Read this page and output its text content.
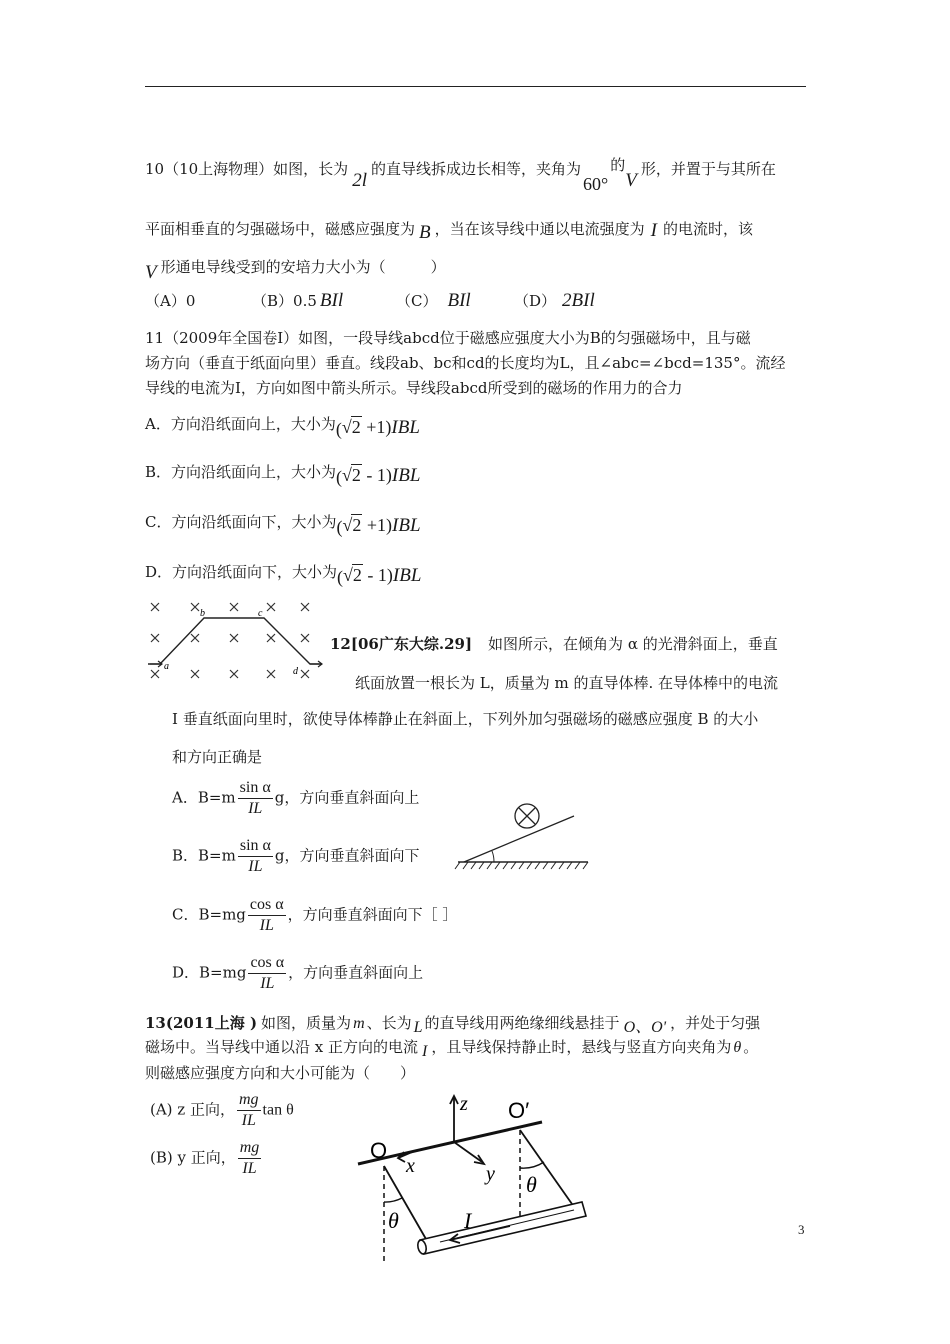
10（10上海物理）如图，长为2l的直导线拆成边长相等，夹角为60°的V形，并置于与其所在
平面相垂直的匀强磁场中，磁感应强度为 B ，当在该导线中通以电流强度为 I 的电流时，该
V 形通电导线受到的安培力大小为（　　　）
（A）0	（B）0.5 BIl	（C） BIl	（D） 2BIl
11（2009年全国卷Ⅰ）如图，一段导线abcd位于磁感应强度大小为B的匀强磁场中，且与磁
场方向（垂直于纸面向里）垂直。线段ab、bc和cd的长度均为L，且∠abc=∠bcd=135°。流经
导线的电流为I，方向如图中箭头所示。导线段abcd所受到的磁场的作用力的合力
A．方向沿纸面向上，大小为(√2 +1)IBL
B．方向沿纸面向上，大小为(√2 - 1)IBL
C．方向沿纸面向下，大小为(√2 +1)IBL
D．方向沿纸面向下，大小为(√2 - 1)IBL
a
b	c
d
12[06广东大综.29] 如图所示，在倾角为 α 的光滑斜面上，垂直
纸面放置一根长为 L，质量为 m 的直导体棒. 在导体棒中的电流
I 垂直纸面向里时，欲使导体棒静止在斜面上，下列外加匀强磁场的磁感应强度 B 的大小
和方向正确是
A．$B=m \frac{\text{sin α}}{IL}$ g，方向垂直斜面向上
B．$B=m \frac{\text{sin α}}{IL}$ g，方向垂直斜面向下
C．$B=mg \frac{\text{cos α}}{IL}$ ，方向垂直斜面向下［ ］
D．$B=mg \frac{\text{cos α}}{IL}$ ，方向垂直斜面向上
13(2011上海 ) 如图，质量为 m 、长为 L 的直导线用两绝缘细线悬挂于 O、O' ，并处于匀强
磁场中。当导线中通以沿 x 正方向的电流 I ，且导线保持静止时，悬线与竖直方向夹角为 θ 。
则磁感应强度方向和大小可能为（　　）
(A) z 正向， $\frac{mg}{IL}$ tan θ
(B) y 正向， $\frac{mg}{IL}$
z
y
x
O
O′
θ
θ
I	3
